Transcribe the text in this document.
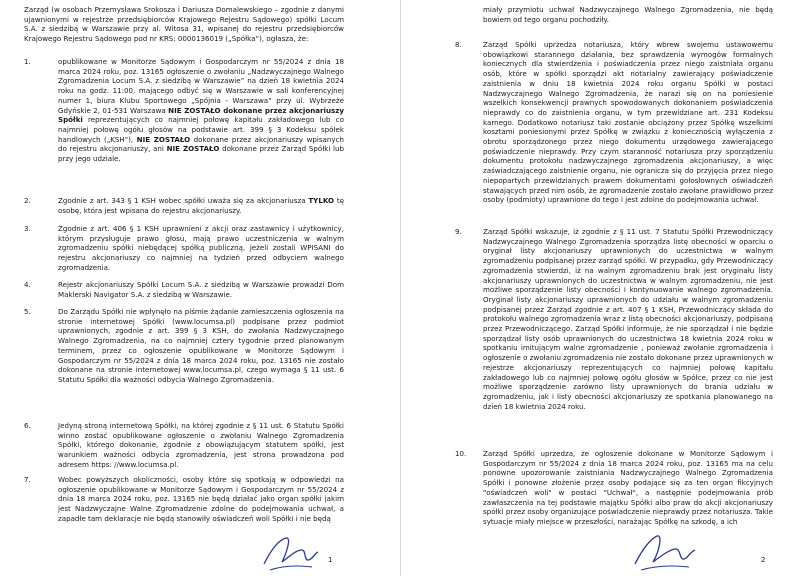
Zarząd (w osobach Przemysława Srokosza i Dariusza Domalewskiego – zgodnie z danymi ujawnionymi w rejestrze przedsiębiorców Krajowego Rejestru Sądowego) spółki Locum S.A. z siedzibą w Warszawie przy al. Witosa 31, wpisanej do rejestru przedsiębiorców Krajowego Rejestru Sądowego pod nr KRS: 0000136019 („Spółka”), ogłasza, że:

1.	opublikowane w Monitorze Sądowym i Gospodarczym nr 55/2024 z dnia 18 marca 2024 roku, poz. 13165 ogłoszenie o zwołaniu „Nadzwyczajnego Walnego Zgromadzenia Locum S.A. z siedzibą w Warszawie” na dzień 18 kwietnia 2024 roku na godz. 11:00, mającego odbyć się w Warszawie w sali konferencyjnej numer 1, biura Klubu Sportowego „Spójnia - Warszawa” przy ul. Wybrzeże Gdyńskie 2, 01-531 Warszawa NIE ZOSTAŁO dokonane przez akcjonariuszy Spółki reprezentujących co najmniej połowę kapitału zakładowego lub co najmniej połowę ogółu głosów na podstawie art. 399 § 3 Kodeksu spółek handlowych („KSH”), NIE ZOSTAŁO dokonane przez akcjonariuszy wpisanych do rejestru akcjonariuszy, ani NIE ZOSTAŁO dokonane przez Zarząd Spółki lub przy jego udziale.

2.	Zgodnie z art. 343 § 1 KSH wobec spółki uważa się za akcjonariusza TYLKO tę osobę, która jest wpisana do rejestru akcjonariuszy.

3.	Zgodnie z art. 406 § 1 KSH uprawnieni z akcji oraz zastawnicy i użytkownicy, którym przysługuje prawo głosu, mają prawo uczestniczenia w walnym zgromadzeniu spółki niebędącej spółką publiczną, jeżeli zostali WPISANI do rejestru akcjonariuszy co najmniej na tydzień przed odbyciem walnego zgromadzenia.

4.	Rejestr akcjonariuszy Spółki Locum S.A. z siedzibą w Warszawie prowadzi Dom Maklerski Navigator S.A. z siedzibą w Warszawie.

5.	Do Zarządu Spółki nie wpłynęło na piśmie żądanie zamieszczenia ogłoszenia na stronie internetowej Spółki (www.locumsa.pl) podpisane przez podmiot uprawnionych, zgodnie z art. 399 § 3 KSH, do zwołania Nadzwyczajnego Walnego Zgromadzenia, na co najmniej cztery tygodnie przed planowanym terminem, przez co ogłoszenie opublikowane w Monitorze Sądowym i Gospodarczym nr 55/2024 z dnia 18 marca 2024 roku, poz. 13165 nie zostało dokonane na stronie internetowej www.locumsa.pl, czego wymaga § 11 ust. 6 Statutu Spółki dla ważności odbycia Walnego Zgromadzenia.

6.	Jedyną stroną internetową Spółki, na której zgodnie z § 11 ust. 6 Statutu Spółki winno zostać opublikowane ogłoszenie o zwołaniu Walnego Zgromadzenia Spółki, którego dokonanie, zgodnie z obowiązującym statutem spółki, jest warunkiem ważności odbycia zgromadzenia, jest strona prowadzona pod adresem https: //www.locumsa.pl.

7.	Wobec powyższych okoliczności, osoby które się spotkają w odpowiedzi na ogłoszenie opublikowane w Monitorze Sądowym i Gospodarczym nr 55/2024 z dnia 18 marca 2024 roku, poz. 13165 nie będą działać jako organ spółki jakim jest Nadzwyczajne Walne Zgromadzenie zdolne do podejmowania uchwał, a zapadłe tam deklaracje nie będą stanowiły oświadczeń woli Spółki i nie będą

1

miały przymiotu uchwał Nadzwyczajnego Walnego Zgromadzenia, nie będą bowiem od tego organu pochodziły.

8.	Zarząd Spółki uprzedza notariusza, który wbrew swojemu ustawowemu obowiązkowi starannego działania, bez sprawdzenia wymogów formalnych koniecznych dla stwierdzenia i poświadczenia przez niego zaistniała organu osób, które w spółki sporządzi akt notarialny zawierający poświadczenie zaistnienia w dniu 18 kwietnia 2024 roku organu Spółki w postaci Nadzwyczajnego Walnego Zgromadzenia, że narazi się on na poniesienie wszelkich konsekwencji prawnych spowodowanych dokonaniem poświadczenia nieprawdy co do zaistnienia organu, w tym przewidziane art. 231 Kodeksu karnego. Dodatkowo notariusz taki zostanie obciążony przez Spółkę wszelkimi kosztami poniesionymi przez Spółkę w związku z koniecznością wyłączenia z obrotu sporządzonego przez niego dokumentu urzędowego zawierającego poświadczenie nieprawdy. Przy czym staranność notariusza przy sporządzeniu dokumentu protokołu nadzwyczajnego zgromadzenia akcjonariuszy, a więc zaświadczającego zaistnienie organu, nie ogranicza się do przyjęcia przez niego niepopartych przewidzianych prawem dokumentami gołosłownych oświadczeń stawających przed nim osób, że zgromadzenie zostało zwołane prawidłowo przez osoby (podmioty) uprawnione do tego i jest zdolne do podejmowania uchwał.

9.	Zarząd Spółki wskazuje, iż zgodnie z § 11 ust. 7 Statutu Spółki Przewodniczący Nadzwyczajnego Walnego Zgromadzenia sporządza listę obecności w oparciu o oryginał listy akcjonariuszy uprawnionych do uczestnictwa w walnym zgromadzeniu podpisanej przez zarząd spółki. W przypadku, gdy Przewodniczący zgromadzenia stwierdzi, iż na walnym zgromadzeniu brak jest oryginału listy akcjonariuszy uprawnionych do uczestnictwa w walnym zgromadzeniu, nie jest możliwe sporządzenie listy obecności i kontynuowanie walnego zgromadzenia. Oryginał listy akcjonariuszy uprawnionych do udziału w walnym zgromadzeniu podpisanej przez Zarząd zgodnie z art. 407 § 1 KSH, Przewodniczący składa do protokołu walnego zgromadzenia wraz z listą obecności akcjonariuszy, podpisaną przez Przewodniczącego. Zarząd Spółki informuje, że nie sporządzał i nie będzie sporządzał listy osób uprawnionych do uczestnictwa 18 kwietnia 2024 roku w spotkaniu imitującym walne zgromadzenie , ponieważ zwołanie zgromadzenia i ogłoszenie o zwołaniu zgromadzenia nie zostało dokonane przez uprawnionych w rejestrze akcjonariuszy reprezentujących co najmniej połowę kapitału zakładowego lub co najmniej połowę ogółu głosów w Spółce, przez co nie jest możliwe sporządzenie zarówno listy uprawnionych do brania udziału w zgromadzeniu, jak i listy obecności akcjonariuszy ze spotkania planowanego na dzień 18 kwietnia 2024 roku.

10. Zarząd Spółki uprzedza, że ogłoszenie dokonane w Monitorze Sądowym i Gospodarczym nr 55/2024 z dnia 18 marca 2024 roku, poz. 13165 ma na celu ponowne upozorowanie zaistniania Nadzwyczajnego Walnego Zgromadzenia Spółki i ponowne złożenie przez osoby podające się za ten organ fikcyjnych "oświadczeń woli" w postaci "Uchwał", a następnie podejmowania prób zawłaszczenia na tej podstawie majątku Spółki albo praw do akcji akcjonariuszy spółki przez osoby organizujące poświadczenie nieprawdy przez notariusza. Takie sytuacje miały miejsce w przeszłości, narażając Spółkę na szkodę, a ich

2
